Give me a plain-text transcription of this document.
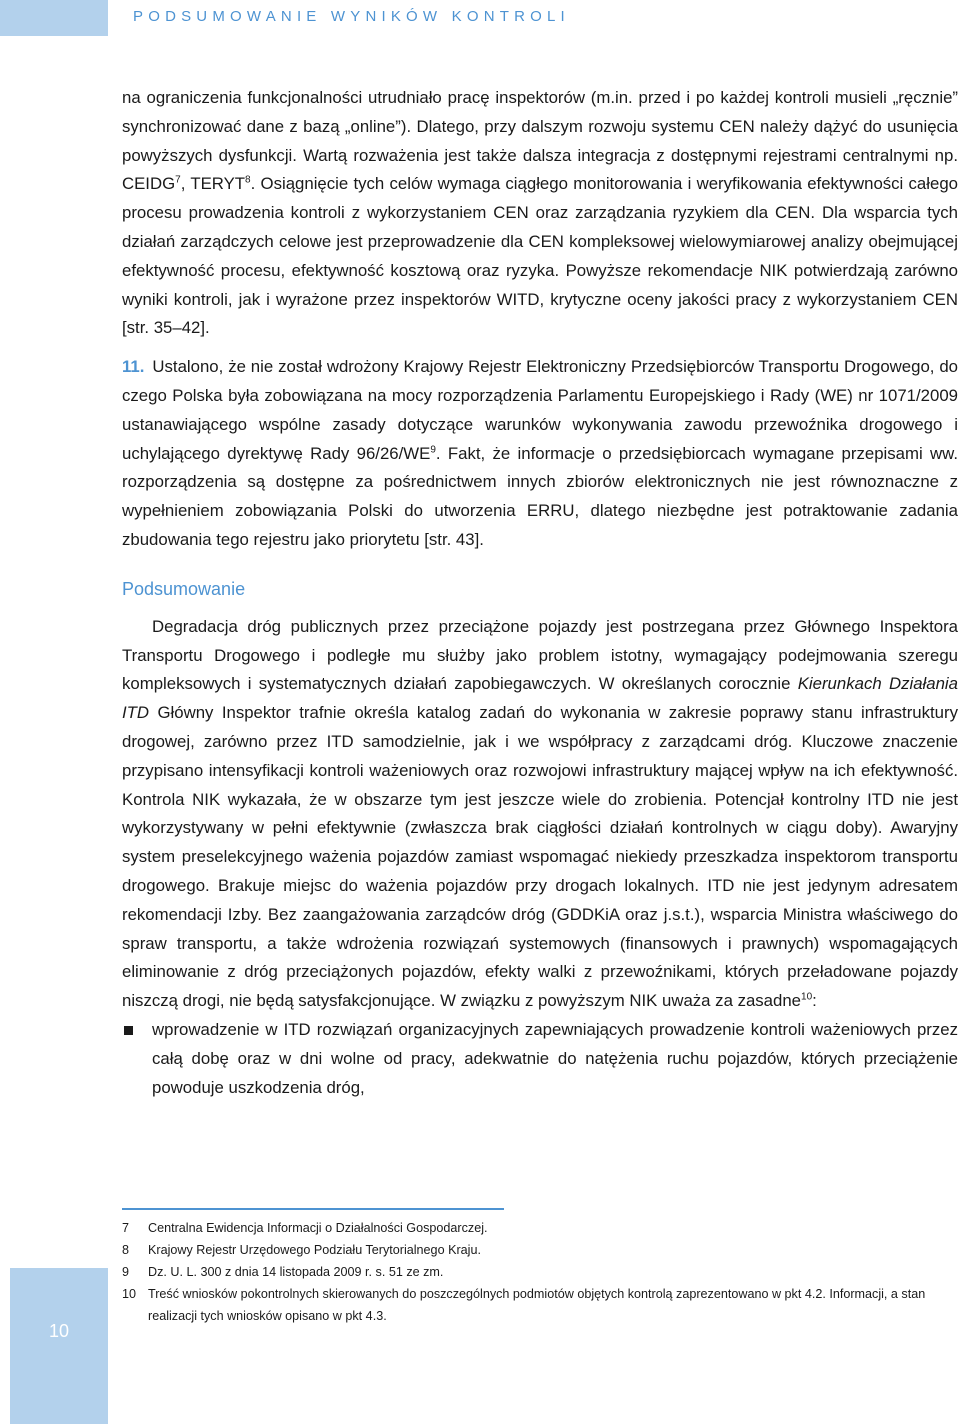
PODSUMOWANIE WYNIKÓW KONTROLI

na ograniczenia funkcjonalności utrudniało pracę inspektorów (m.in. przed i po każdej kontroli musieli „ręcznie” synchronizować dane z bazą „online”). Dlatego, przy dalszym rozwoju systemu CEN należy dążyć do usunięcia powyższych dysfunkcji. Wartą rozważenia jest także dalsza integracja z dostępnymi rejestrami centralnymi np. CEIDG$^7$, TERYT$^8$. Osiągnięcie tych celów wymaga ciągłego monitorowania i weryfikowania efektywności całego procesu prowadzenia kontroli z wykorzystaniem CEN oraz zarządzania ryzykiem dla CEN. Dla wsparcia tych działań zarządczych celowe jest przeprowadzenie dla CEN kompleksowej wielowymiarowej analizy obejmującej efektywność procesu, efektywność kosztową oraz ryzyka. Powyższe rekomendacje NIK potwierdzają zarówno wyniki kontroli, jak i wyrażone przez inspektorów WITD, krytyczne oceny jakości pracy z wykorzystaniem CEN [str. 35–42].

11. Ustalono, że nie został wdrożony Krajowy Rejestr Elektroniczny Przedsiębiorców Transportu Drogowego, do czego Polska była zobowiązana na mocy rozporządzenia Parlamentu Europejskiego i Rady (WE) nr 1071/2009 ustanawiającego wspólne zasady dotyczące warunków wykonywania zawodu przewoźnika drogowego i uchylającego dyrektywę Rady $96/26/WE^9$. Fakt, że informacje o przedsiębiorcach wymagane przepisami ww. rozporządzenia są dostępne za pośrednictwem innych zbiorów elektronicznych nie jest równoznaczne z wypełnieniem zobowiązania Polski do utworzenia ERRU, dlatego niezbędne jest potraktowanie zadania zbudowania tego rejestru jako priorytetu [str. 43].

Podsumowanie

Degradacja dróg publicznych przez przeciążone pojazdy jest postrzegana przez Głównego Inspektora Transportu Drogowego i podległe mu służby jako problem istotny, wymagający podejmowania szeregu kompleksowych i systematycznych działań zapobiegawczych. W określanych corocznie Kierunkach Działania ITD Główny Inspektor trafnie określa katalog zadań do wykonania w zakresie poprawy stanu infrastruktury drogowej, zarówno przez ITD samodzielnie, jak i we współpracy z zarządcami dróg. Kluczowe znaczenie przypisano intensyfikacji kontroli ważeniowych oraz rozwojowi infrastruktury mającej wpływ na ich efektywność. Kontrola NIK wykazała, że w obszarze tym jest jeszcze wiele do zrobienia. Potencjał kontrolny ITD nie jest wykorzystywany w pełni efektywnie (zwłaszcza brak ciągłości działań kontrolnych w ciągu doby). Awaryjny system preselekcyjnego ważenia pojazdów zamiast wspomagać niekiedy przeszkadza inspektorom transportu drogowego. Brakuje miejsc do ważenia pojazdów przy drogach lokalnych. ITD nie jest jedynym adresatem rekomendacji Izby. Bez zaangażowania zarządców dróg (GDDKiA oraz j.s.t.), wsparcia Ministra właściwego do spraw transportu, a także wdrożenia rozwiązań systemowych (finansowych i prawnych) wspomagających eliminowanie z dróg przeciążonych pojazdów, efekty walki z przewoźnikami, których przeładowane pojazdy niszczą drogi, nie będą satysfakcjonujące. W związku z powyższym NIK uważa za zasadne$^{10}$:

wprowadzenie w ITD rozwiązań organizacyjnych zapewniających prowadzenie kontroli ważeniowych przez całą dobę oraz w dni wolne od pracy, adekwatnie do natężenia ruchu pojazdów, których przeciążenie powoduje uszkodzenia dróg,

7 Centralna Ewidencja Informacji o Działalności Gospodarczej.

8 Krajowy Rejestr Urzędowego Podziału Terytorialnego Kraju.

9 Dz. U. L. 300 z dnia 14 listopada 2009 r. s. 51 ze zm.

10 Treść wniosków pokontrolnych skierowanych do poszczególnych podmiotów objętych kontrolą zaprezentowano w pkt 4.2. Informacji, a stan realizacji tych wniosków opisano w pkt 4.3.

10
